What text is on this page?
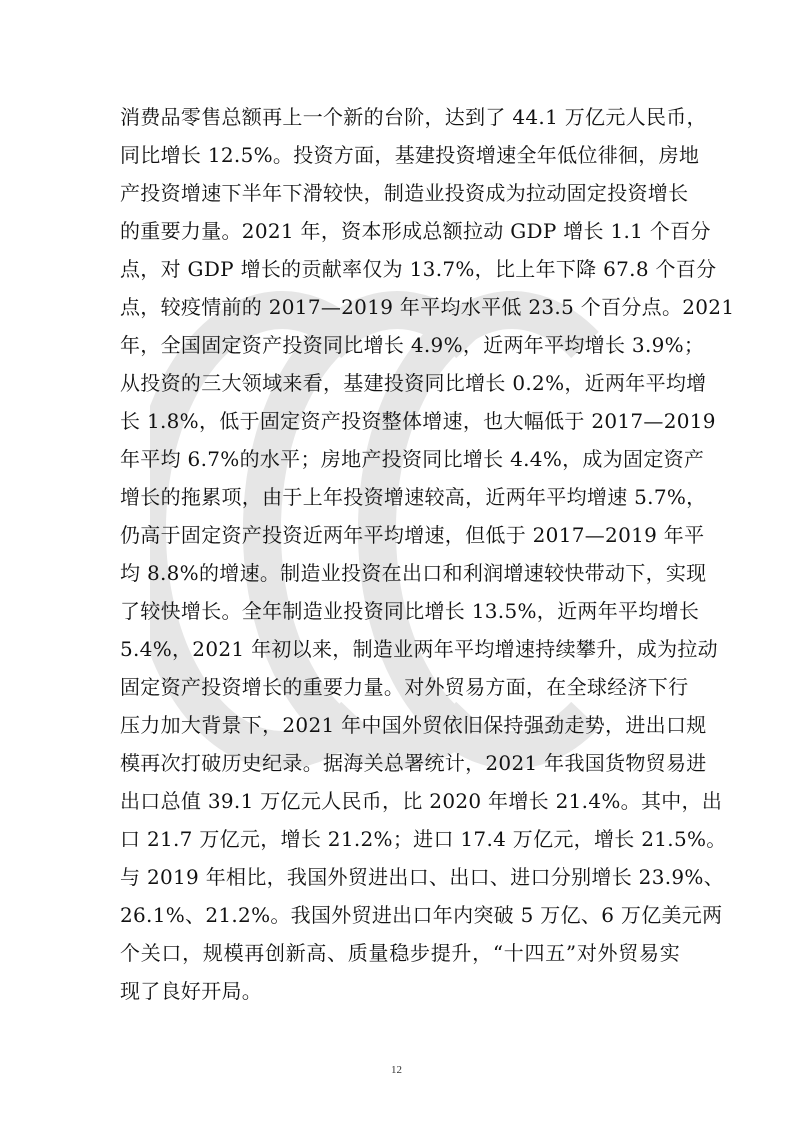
消费品零售总额再上一个新的台阶，达到了 44.1 万亿元人民币，
同比增长 12.5%。投资方面，基建投资增速全年低位徘徊，房地
产投资增速下半年下滑较快，制造业投资成为拉动固定投资增长
的重要力量。2021 年，资本形成总额拉动 GDP 增长 1.1 个百分
点，对 GDP 增长的贡献率仅为 13.7%，比上年下降 67.8 个百分
点，较疫情前的 2017—2019 年平均水平低 23.5 个百分点。2021
年，全国固定资产投资同比增长 4.9%，近两年平均增长 3.9%；
从投资的三大领域来看，基建投资同比增长 0.2%，近两年平均增
长 1.8%，低于固定资产投资整体增速，也大幅低于 2017—2019
年平均 6.7%的水平；房地产投资同比增长 4.4%，成为固定资产
增长的拖累项，由于上年投资增速较高，近两年平均增速 5.7%，
仍高于固定资产投资近两年平均增速，但低于 2017—2019 年平
均 8.8%的增速。制造业投资在出口和利润增速较快带动下，实现
了较快增长。全年制造业投资同比增长 13.5%，近两年平均增长
5.4%，2021 年初以来，制造业两年平均增速持续攀升，成为拉动
固定资产投资增长的重要力量。对外贸易方面，在全球经济下行
压力加大背景下，2021 年中国外贸依旧保持强劲走势，进出口规
模再次打破历史纪录。据海关总署统计，2021 年我国货物贸易进
出口总值 39.1 万亿元人民币，比 2020 年增长 21.4%。其中，出
口 21.7 万亿元，增长 21.2%；进口 17.4 万亿元，增长 21.5%。
与 2019 年相比，我国外贸进出口、出口、进口分别增长 23.9%、
26.1%、21.2%。我国外贸进出口年内突破 5 万亿、6 万亿美元两
个关口，规模再创新高、质量稳步提升，“十四五”对外贸易实
现了良好开局。
12
